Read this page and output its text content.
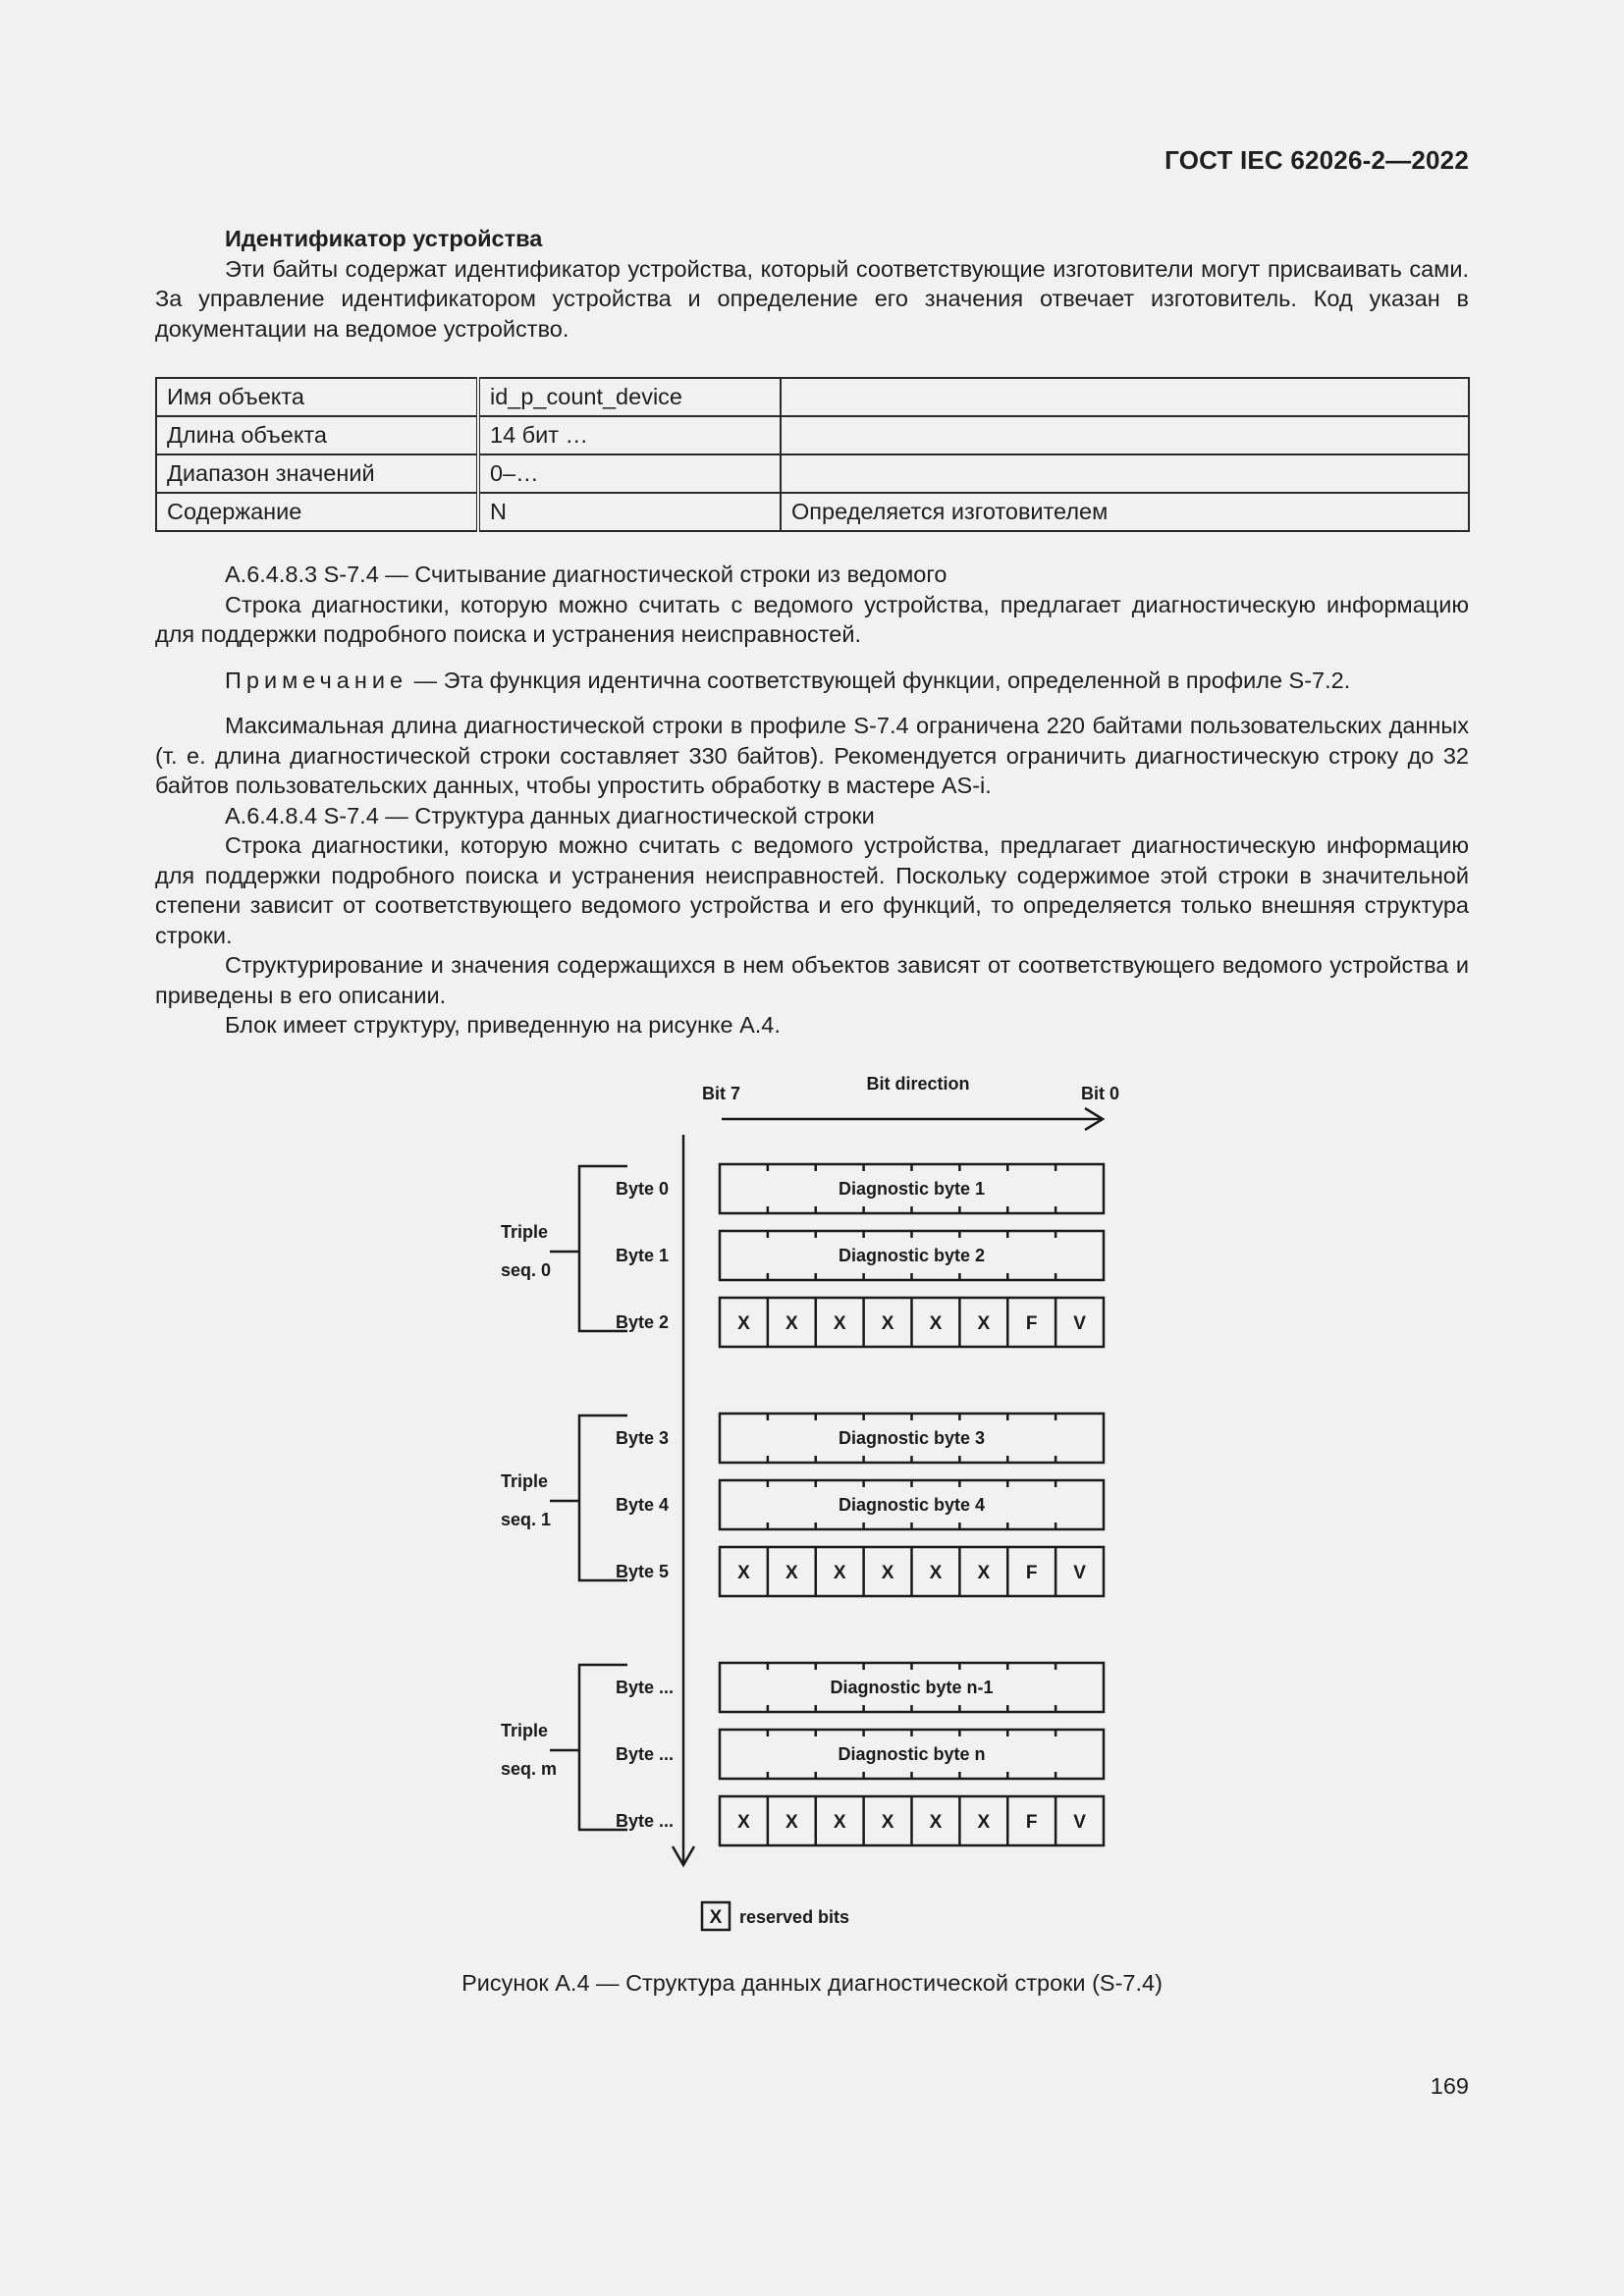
ГОСТ IEC 62026-2—2022

Идентификатор устройства

Эти байты содержат идентификатор устройства, который соответствующие изготовители могут присваивать сами. За управление идентификатором устройства и определение его значения отвечает изготовитель. Код указан в документации на ведомое устройство.

Имя объекта	id_p_count_device	
Длина объекта	14 бит …	
Диапазон значений	0–…	
Содержание	N	Определяется изготовителем

А.6.4.8.3 S-7.4 — Считывание диагностической строки из ведомого

Строка диагностики, которую можно считать с ведомого устройства, предлагает диагностическую информацию для поддержки подробного поиска и устранения неисправностей.

Примечание — Эта функция идентична соответствующей функции, определенной в профиле S-7.2.

Максимальная длина диагностической строки в профиле S-7.4 ограничена 220 байтами пользовательских данных (т. е. длина диагностической строки составляет 330 байтов). Рекомендуется ограничить диагностическую строку до 32 байтов пользовательских данных, чтобы упростить обработку в мастере AS-i.

А.6.4.8.4 S-7.4 — Структура данных диагностической строки

Строка диагностики, которую можно считать с ведомого устройства, предлагает диагностическую информацию для поддержки подробного поиска и устранения неисправностей. Поскольку содержимое этой строки в значительной степени зависит от соответствующего ведомого устройства и его функций, то определяется только внешняя структура строки.

Структурирование и значения содержащихся в нем объектов зависят от соответствующего ведомого устройства и приведены в его описании.

Блок имеет структуру, приведенную на рисунке А.4.

Bit 7	Bit direction	Bit 0
Triple
seq. 0
Byte 0	Diagnostic byte 1
Byte 1	Diagnostic byte 2
Byte 2	X X X X X X F V
Triple
seq. 1
Byte 3	Diagnostic byte 3
Byte 4	Diagnostic byte 4
Byte 5	X X X X X X F V
Triple
seq. m
Byte ...	Diagnostic byte n-1
Byte ...	Diagnostic byte n
Byte ...	X X X X X X F V
X reserved bits
Рисунок А.4 — Структура данных диагностической строки (S-7.4)
169
